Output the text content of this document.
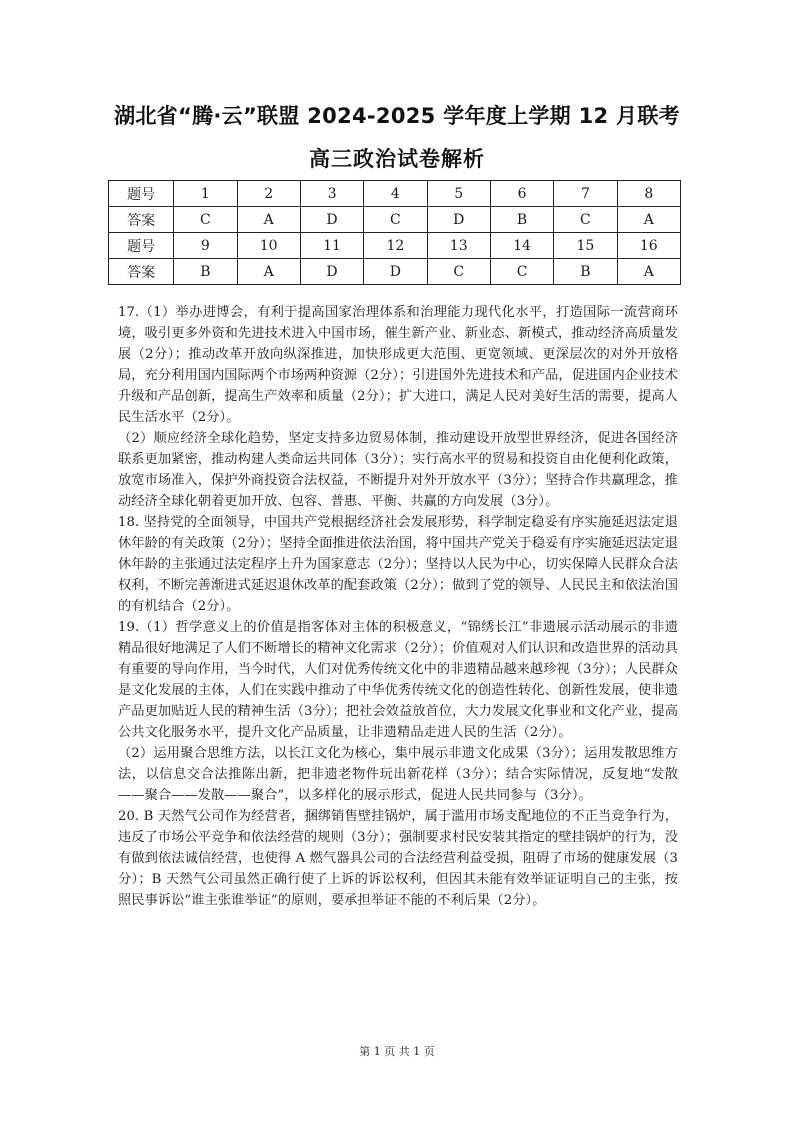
湖北省“腾·云”联盟 2024-2025 学年度上学期 12 月联考
高三政治试卷解析
题号	1	2	3	4	5	6	7	8
答案	C	A	D	C	D	B	C	A
题号	9	10	11	12	13	14	15	16
答案	B	A	D	D	C	C	B	A

17.（1）举办进博会，有利于提高国家治理体系和治理能力现代化水平，打造国际一流营商环境，吸引更多外资和先进技术进入中国市场，催生新产业、新业态、新模式，推动经济高质量发展（2分）；推动改革开放向纵深推进，加快形成更大范围、更宽领域、更深层次的对外开放格局，充分利用国内国际两个市场两种资源（2分）；引进国外先进技术和产品，促进国内企业技术升级和产品创新，提高生产效率和质量（2分）；扩大进口，满足人民对美好生活的需要，提高人民生活水平（2分）。

（2）顺应经济全球化趋势，坚定支持多边贸易体制，推动建设开放型世界经济，促进各国经济联系更加紧密，推动构建人类命运共同体（3分）；实行高水平的贸易和投资自由化便利化政策，放宽市场准入，保护外商投资合法权益，不断提升对外开放水平（3分）；坚持合作共赢理念，推动经济全球化朝着更加开放、包容、普惠、平衡、共赢的方向发展（3分）。

18. 坚持党的全面领导，中国共产党根据经济社会发展形势，科学制定稳妥有序实施延迟法定退休年龄的有关政策（2分）；坚持全面推进依法治国，将中国共产党关于稳妥有序实施延迟法定退休年龄的主张通过法定程序上升为国家意志（2分）；坚持以人民为中心，切实保障人民群众合法权利，不断完善渐进式延迟退休改革的配套政策（2分）；做到了党的领导、人民民主和依法治国的有机结合（2分）。

19.（1）哲学意义上的价值是指客体对主体的积极意义，“锦绣长江”非遗展示活动展示的非遗精品很好地满足了人们不断增长的精神文化需求（2分）；价值观对人们认识和改造世界的活动具有重要的导向作用，当今时代，人们对优秀传统文化中的非遗精品越来越珍视（3分）；人民群众是文化发展的主体，人们在实践中推动了中华优秀传统文化的创造性转化、创新性发展，使非遗产品更加贴近人民的精神生活（3分）；把社会效益放首位，大力发展文化事业和文化产业，提高公共文化服务水平，提升文化产品质量，让非遗精品走进人民的生活（2分）。

（2）运用聚合思维方法，以长江文化为核心，集中展示非遗文化成果（3分）；运用发散思维方法，以信息交合法推陈出新，把非遗老物件玩出新花样（3分）；结合实际情况，反复地“发散——聚合——发散——聚合”，以多样化的展示形式，促进人民共同参与（3分）。

20. B 天然气公司作为经营者，捆绑销售壁挂锅炉，属于滥用市场支配地位的不正当竞争行为，违反了市场公平竞争和依法经营的规则（3分）；强制要求村民安装其指定的壁挂锅炉的行为，没有做到依法诚信经营，也使得 A 燃气器具公司的合法经营利益受损，阻碍了市场的健康发展（3分）；B 天然气公司虽然正确行使了上诉的诉讼权利，但因其未能有效举证证明自己的主张，按照民事诉讼“谁主张谁举证”的原则，要承担举证不能的不利后果（2分）。

第 1 页 共 1 页
